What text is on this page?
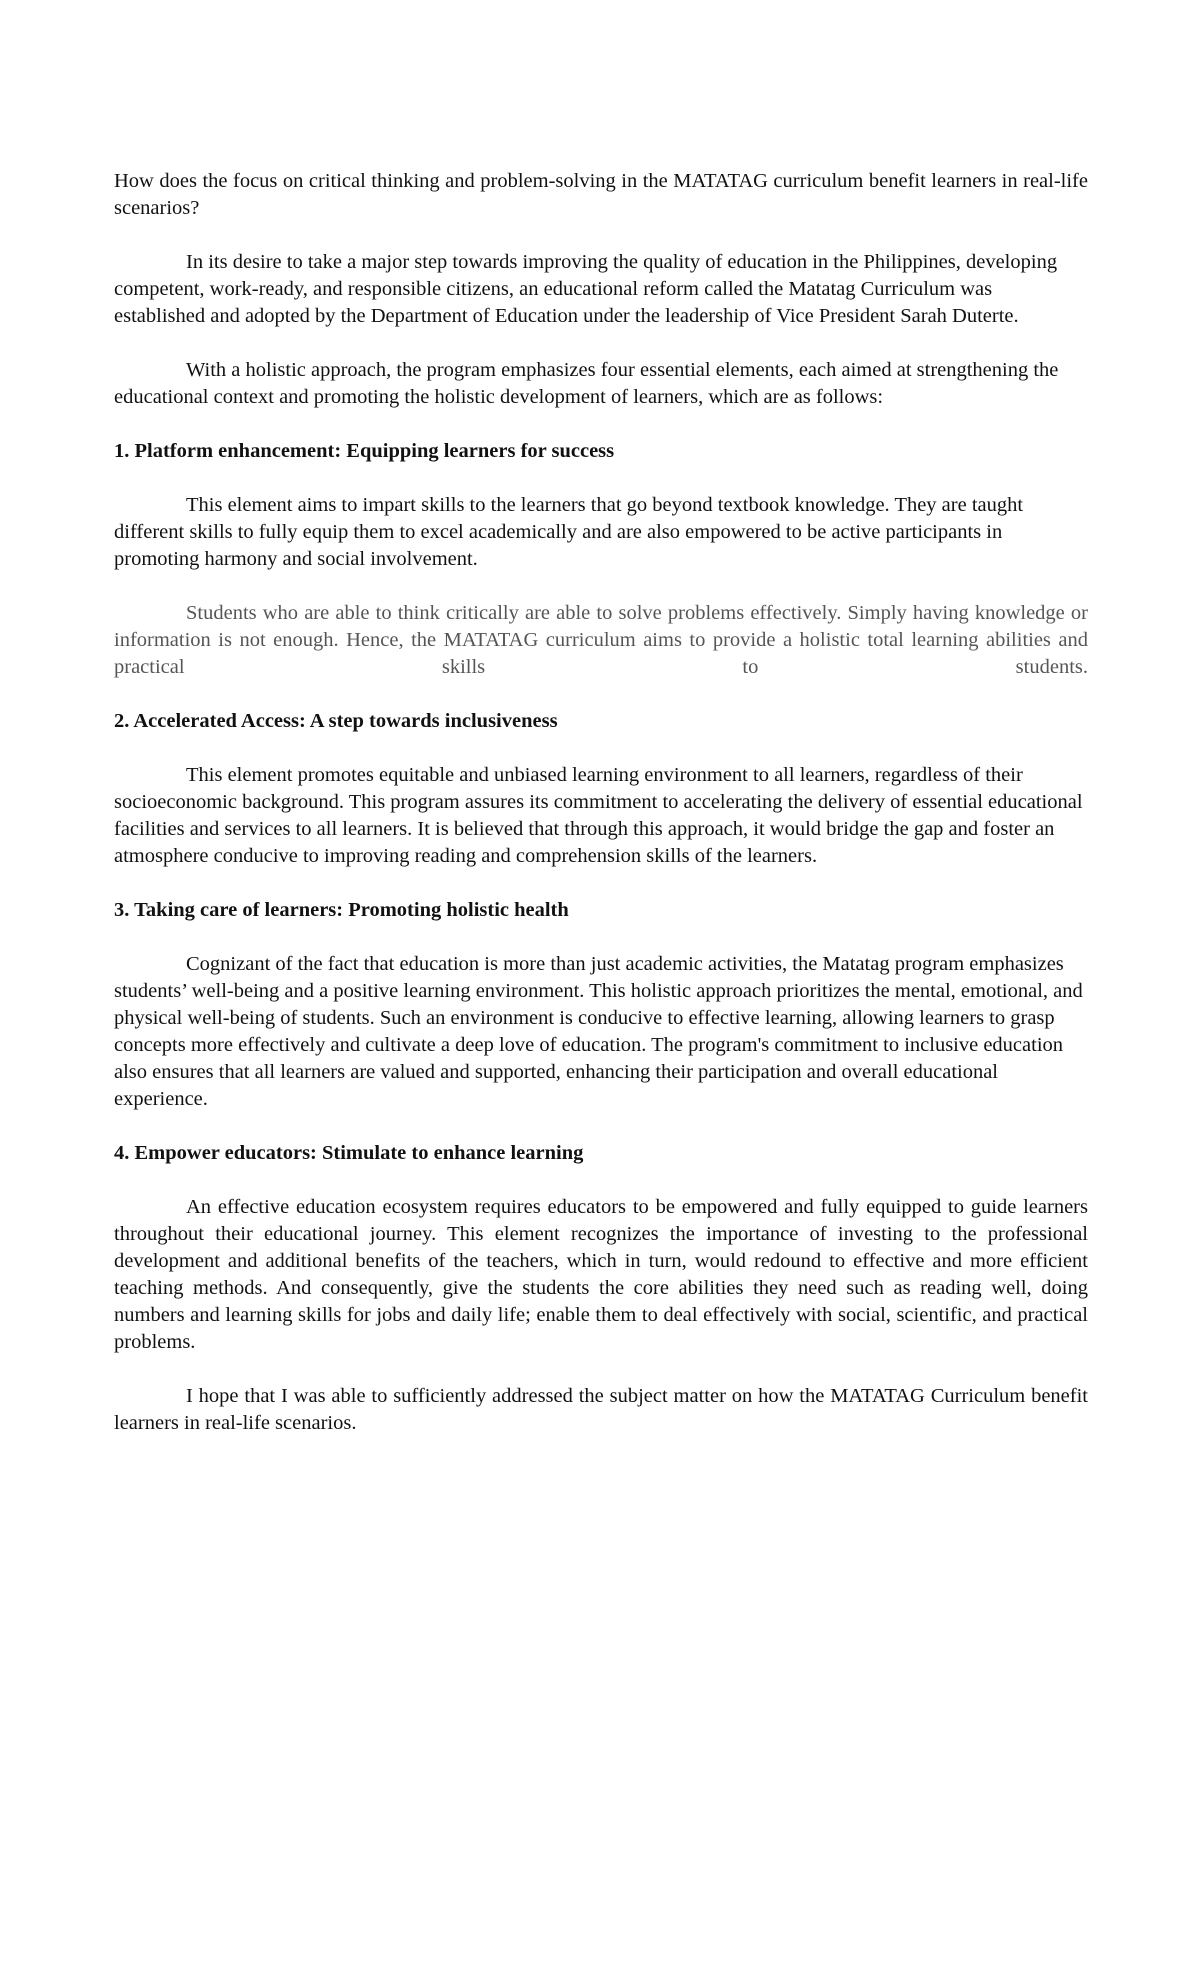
How does the focus on critical thinking and problem-solving in the MATATAG curriculum benefit learners in real-life scenarios?

In its desire to take a major step towards improving the quality of education in the Philippines, developing competent, work-ready, and responsible citizens, an educational reform called the Matatag Curriculum was established and adopted by the Department of Education under the leadership of Vice President Sarah Duterte.

With a holistic approach, the program emphasizes four essential elements, each aimed at strengthening the educational context and promoting the holistic development of learners, which are as follows:

1. Platform enhancement: Equipping learners for success

This element aims to impart skills to the learners that go beyond textbook knowledge. They are taught different skills to fully equip them to excel academically and are also empowered to be active participants in promoting harmony and social involvement.

Students who are able to think critically are able to solve problems effectively. Simply having knowledge or information is not enough. Hence, the MATATAG curriculum aims to provide a holistic total learning abilities and practical skills to students.

2. Accelerated Access: A step towards inclusiveness

This element promotes equitable and unbiased learning environment to all learners, regardless of their socioeconomic background. This program assures its commitment to accelerating the delivery of essential educational facilities and services to all learners. It is believed that through this approach, it would bridge the gap and foster an atmosphere conducive to improving reading and comprehension skills of the learners.

3. Taking care of learners: Promoting holistic health

Cognizant of the fact that education is more than just academic activities, the Matatag program emphasizes students’ well-being and a positive learning environment. This holistic approach prioritizes the mental, emotional, and physical well-being of students. Such an environment is conducive to effective learning, allowing learners to grasp concepts more effectively and cultivate a deep love of education. The program's commitment to inclusive education also ensures that all learners are valued and supported, enhancing their participation and overall educational experience.

4. Empower educators: Stimulate to enhance learning

An effective education ecosystem requires educators to be empowered and fully equipped to guide learners throughout their educational journey. This element recognizes the importance of investing to the professional development and additional benefits of the teachers, which in turn, would redound to effective and more efficient teaching methods. And consequently, give the students the core abilities they need such as reading well, doing numbers and learning skills for jobs and daily life; enable them to deal effectively with social, scientific, and practical problems.

I hope that I was able to sufficiently addressed the subject matter on how the MATATAG Curriculum benefit learners in real-life scenarios.
